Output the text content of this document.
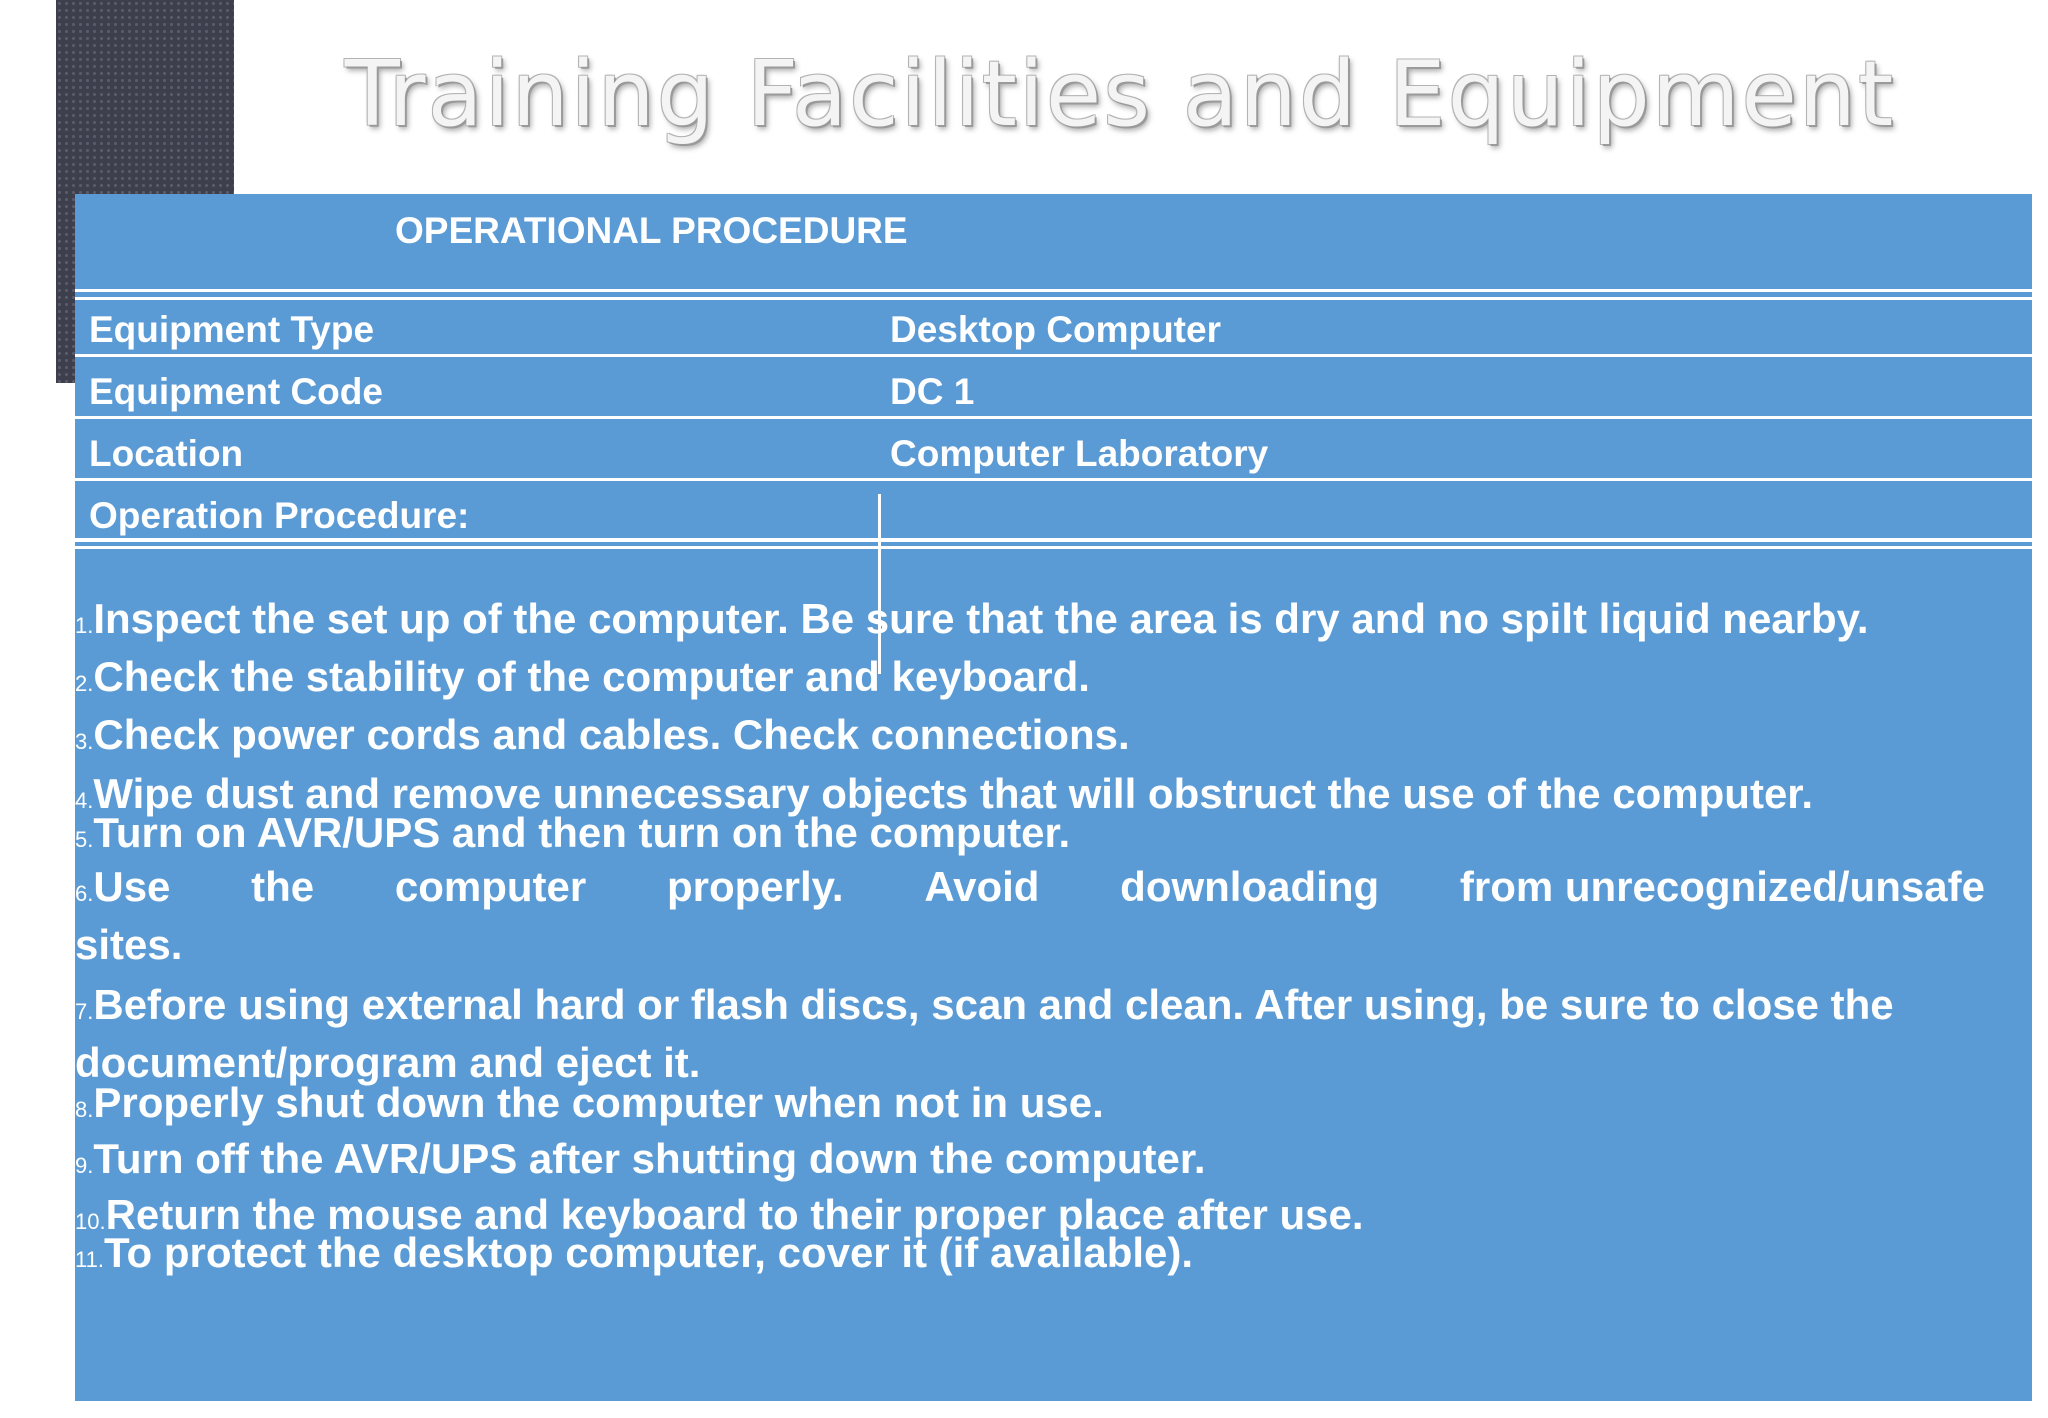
Training Facilities and Equipment
OPERATIONAL PROCEDURE
Equipment Type	Desktop Computer
Equipment Code	DC 1
Location	Computer Laboratory
Operation Procedure:
1.Inspect the set up of the computer. Be sure that the area is dry and no spilt liquid nearby.
2.Check the stability of the computer and keyboard.
3.Check power cords and cables. Check connections.
4.Wipe dust and remove unnecessary objects that will obstruct the use of the computer.
5.Turn on AVR/UPS and then turn on the computer.
6.Use the computer properly. Avoid downloading from unrecognized/unsafe
sites.
7.Before using external hard or flash discs, scan and clean. After using, be sure to close the
document/program and eject it.
8.Properly shut down the computer when not in use.
9.Turn off the AVR/UPS after shutting down the computer.
10.Return the mouse and keyboard to their proper place after use.
11.To protect the desktop computer, cover it (if available).
